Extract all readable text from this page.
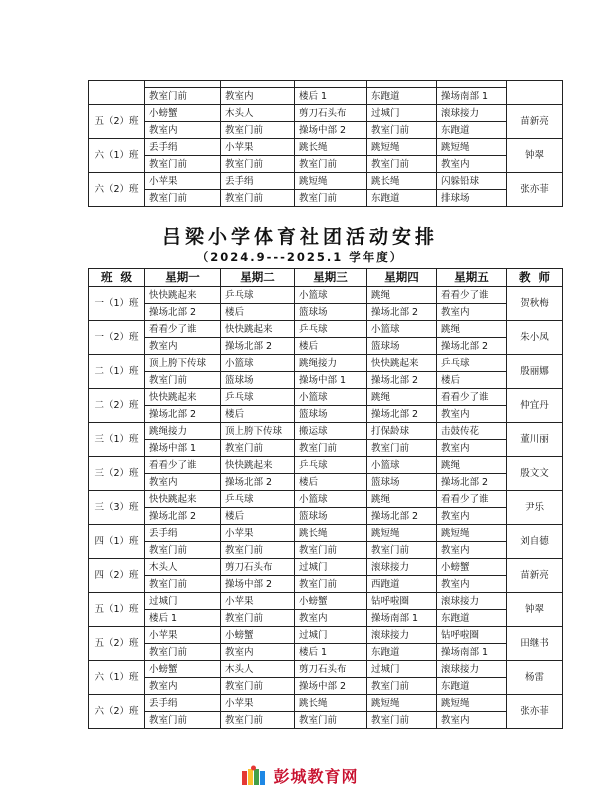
	教室门前	教室内	楼后 1	东跑道	操场南部 1	
五（2）班	小螃蟹	木头人	剪刀石头布	过城门	滚球接力	苗新亮
	教室内	教室门前	操场中部 2	教室门前	东跑道	
六（1）班	丢手绢	小苹果	跳长绳	跳短绳	跳短绳	钟翠
	教室门前	教室门前	教室门前	教室门前	教室内	
六（2）班	小苹果	丢手绢	跳短绳	跳长绳	闪躲铅球	张亦菲
	教室门前	教室门前	教室门前	东跑道	排球场	
吕梁小学体育社团活动安排
（2024.9---2025.1 学年度）
班  级	星期一	星期二	星期三	星期四	星期五	教  师
一（1）班	快快跳起来	乒乓球	小篮球	跳绳	看看少了谁	贺秋梅
	操场北部 2	楼后	篮球场	操场北部 2	教室内	
一（2）班	看看少了谁	快快跳起来	乒乓球	小篮球	跳绳	朱小凤
	教室内	操场北部 2	楼后	篮球场	操场北部 2	
二（1）班	顶上胯下传球	小篮球	跳绳接力	快快跳起来	乒乓球	殷丽娜
	教室门前	篮球场	操场中部 1	操场北部 2	楼后	
二（2）班	快快跳起来	乒乓球	小篮球	跳绳	看看少了谁	仲宜丹
	操场北部 2	楼后	篮球场	操场北部 2	教室内	
三（1）班	跳绳接力	顶上胯下传球	搬运球	打保龄球	击鼓传花	董川丽
	操场中部 1	教室门前	教室门前	教室门前	教室内	
三（2）班	看看少了谁	快快跳起来	乒乓球	小篮球	跳绳	殷文文
	教室内	操场北部 2	楼后	篮球场	操场北部 2	
三（3）班	快快跳起来	乒乓球	小篮球	跳绳	看看少了谁	尹乐
	操场北部 2	楼后	篮球场	操场北部 2	教室内	
四（1）班	丢手绢	小苹果	跳长绳	跳短绳	跳短绳	刘自德
	教室门前	教室门前	教室门前	教室门前	教室内	
四（2）班	木头人	剪刀石头布	过城门	滚球接力	小螃蟹	苗新亮
	教室门前	操场中部 2	教室门前	西跑道	教室内	
五（1）班	过城门	小苹果	小螃蟹	钻呼啦圈	滚球接力	钟翠
	楼后 1	教室门前	教室内	操场南部 1	东跑道	
五（2）班	小苹果	小螃蟹	过城门	滚球接力	钻呼啦圈	田继书
	教室门前	教室内	楼后 1	东跑道	操场南部 1	
六（1）班	小螃蟹	木头人	剪刀石头布	过城门	滚球接力	杨雷
	教室内	教室门前	操场中部 2	教室门前	东跑道	
六（2）班	丢手绢	小苹果	跳长绳	跳短绳	跳短绳	张亦菲
	教室门前	教室门前	教室门前	教室门前	教室内	
彭城教育网
